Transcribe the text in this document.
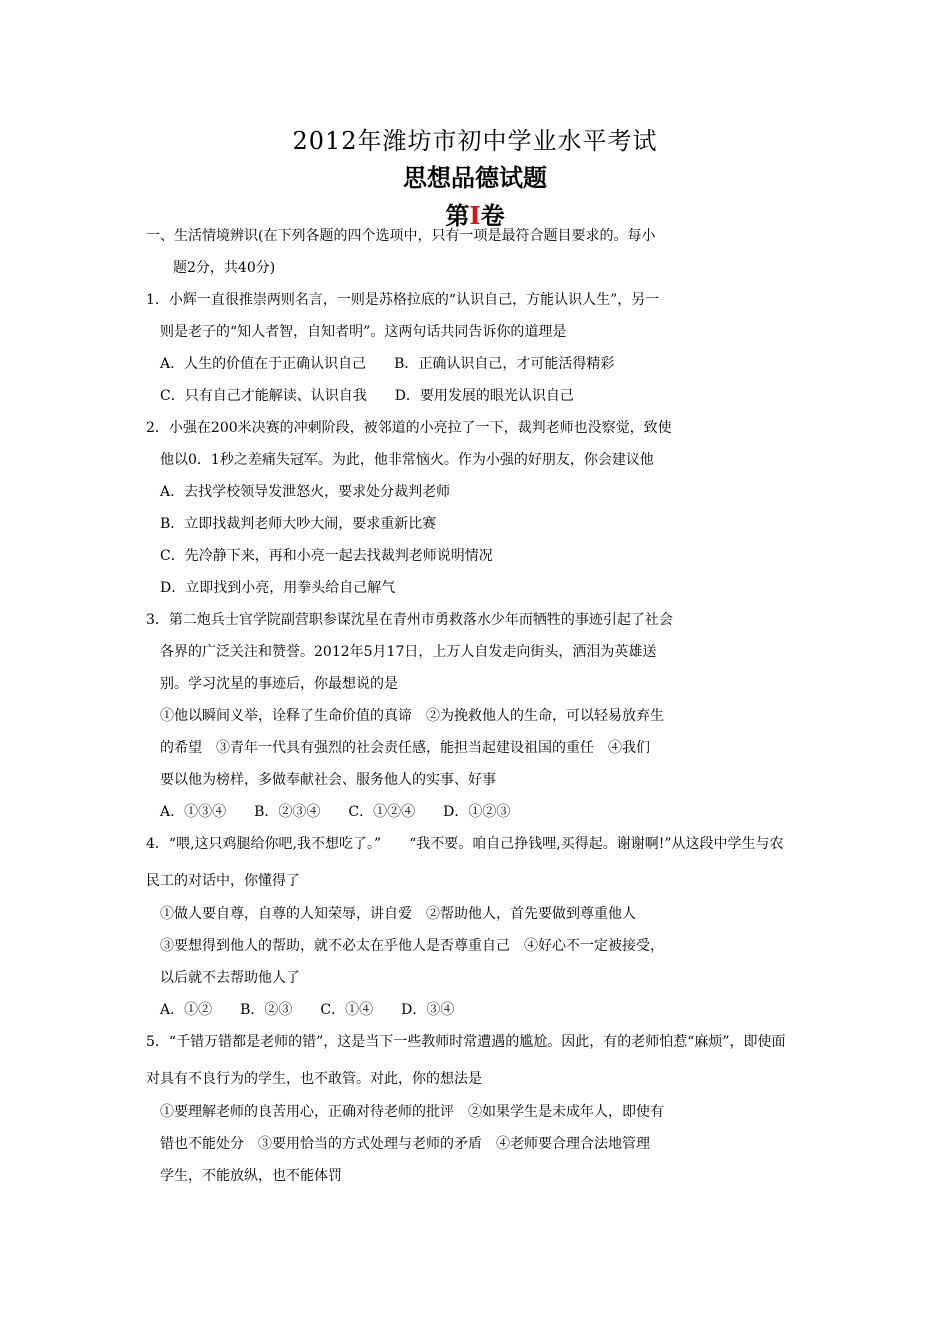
2012年潍坊市初中学业水平考试
思想品德试题
第I卷
一、生活情境辨识(在下列各题的四个选项中，只有一项是最符合题目要求的。每小
题2分，共40分)
1．小辉一直很推崇两则名言，一则是苏格拉底的“认识自己，方能认识人生”，另一
则是老子的“知人者智，自知者明”。这两句话共同告诉你的道理是
A．人生的价值在于正确认识自己　　B．正确认识自己，才可能活得精彩
C．只有自己才能解读、认识自我　　D．要用发展的眼光认识自己
2．小强在200米决赛的冲刺阶段，被邻道的小亮拉了一下，裁判老师也没察觉，致使
他以0．1秒之差痛失冠军。为此，他非常恼火。作为小强的好朋友，你会建议他
A．去找学校领导发泄怒火，要求处分裁判老师
B．立即找裁判老师大吵大闹，要求重新比赛
C．先冷静下来，再和小亮一起去找裁判老师说明情况
D．立即找到小亮，用拳头给自己解气
3．第二炮兵士官学院副营职参谋沈星在青州市勇救落水少年而牺牲的事迹引起了社会
各界的广泛关注和赞誉。2012年5月17日，上万人自发走向街头，洒泪为英雄送
别。学习沈星的事迹后，你最想说的是
①他以瞬间义举，诠释了生命价值的真谛　②为挽救他人的生命，可以轻易放弃生
的希望　③青年一代具有强烈的社会责任感，能担当起建设祖国的重任　④我们
要以他为榜样，多做奉献社会、服务他人的实事、好事
A．①③④　　B．②③④　　C．①②④　　D．①②③
4．“喂,这只鸡腿给你吧,我不想吃了。”　　“我不要。咱自己挣钱哩,买得起。谢谢啊!”从这段中学生与农
民工的对话中，你懂得了
①做人要自尊，自尊的人知荣辱，讲自爱　②帮助他人，首先要做到尊重他人
③要想得到他人的帮助，就不必太在乎他人是否尊重自己　④好心不一定被接受，
以后就不去帮助他人了
A．①②　　B．②③　　C．①④　　D．③④
5．“千错万错都是老师的错”，这是当下一些教师时常遭遇的尴尬。因此，有的老师怕惹“麻烦”，即使面
对具有不良行为的学生，也不敢管。对此，你的想法是
①要理解老师的良苦用心，正确对待老师的批评　②如果学生是未成年人，即使有
错也不能处分　③要用恰当的方式处理与老师的矛盾　④老师要合理合法地管理
学生，不能放纵，也不能体罚
